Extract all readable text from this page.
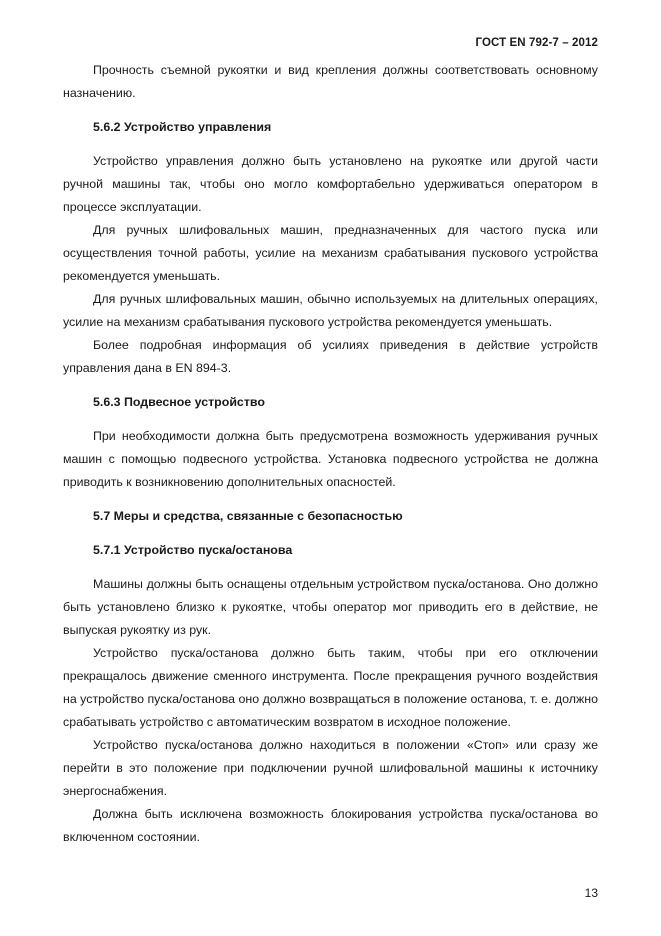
ГОСТ EN 792-7 – 2012

Прочность съемной рукоятки и вид крепления должны соответствовать основному назначению.

5.6.2 Устройство управления

Устройство управления должно быть установлено на рукоятке или другой части ручной машины так, чтобы оно могло комфортабельно удерживаться оператором в процессе эксплуатации.

Для ручных шлифовальных машин, предназначенных для частого пуска или осуществления точной работы, усилие на механизм срабатывания пускового устройства рекомендуется уменьшать.

Для ручных шлифовальных машин, обычно используемых на длительных операциях, усилие на механизм срабатывания пускового устройства рекомендуется уменьшать.

Более подробная информация об усилиях приведения в действие устройств управления дана в EN 894-3.

5.6.3 Подвесное устройство

При необходимости должна быть предусмотрена возможность удерживания ручных машин с помощью подвесного устройства. Установка подвесного устройства не должна приводить к возникновению дополнительных опасностей.

5.7 Меры и средства, связанные с безопасностью
5.7.1 Устройство пуска/останова

Машины должны быть оснащены отдельным устройством пуска/останова. Оно должно быть установлено близко к рукоятке, чтобы оператор мог приводить его в действие, не выпуская рукоятку из рук.

Устройство пуска/останова должно быть таким, чтобы при его отключении прекращалось движение сменного инструмента. После прекращения ручного воздействия на устройство пуска/останова оно должно возвращаться в положение останова, т. е. должно срабатывать устройство с автоматическим возвратом в исходное положение.

Устройство пуска/останова должно находиться в положении «Стоп» или сразу же перейти в это положение при подключении ручной шлифовальной машины к источнику энергоснабжения.

Должна быть исключена возможность блокирования устройства пуска/останова во включенном состоянии.

13
